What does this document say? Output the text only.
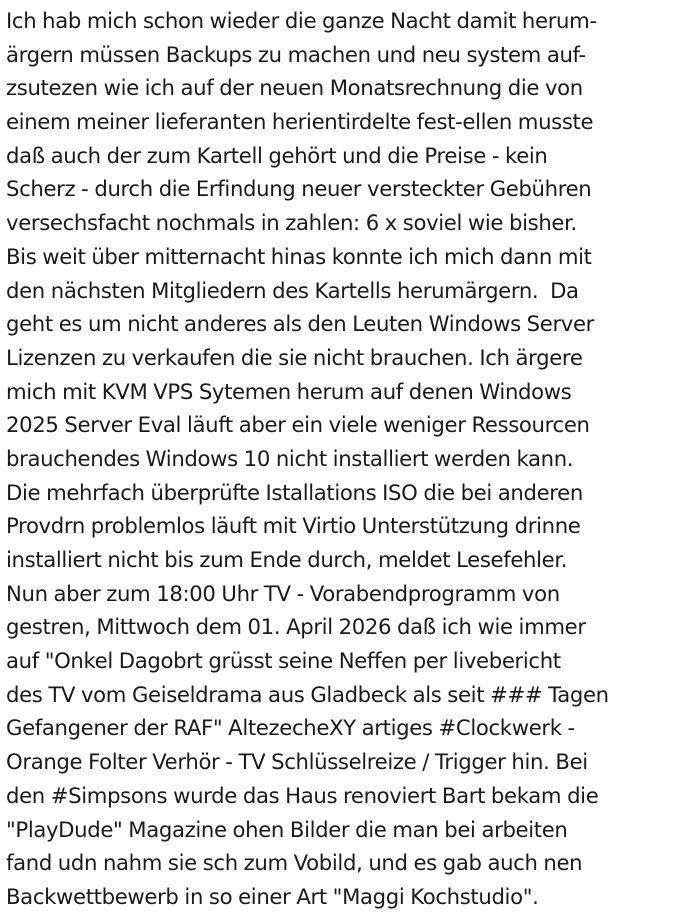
Ich hab mich schon wieder die ganze Nacht damit herum-
ärgern müssen Backups zu machen und neu system auf-
zsutezen wie ich auf der neuen Monatsrechnung die von
einem meiner lieferanten herientirdelte fest-ellen musste
daß auch der zum Kartell gehört und die Preise - kein
Scherz - durch die Erfindung neuer versteckter Gebühren
versechsfacht nochmals in zahlen: 6 x soviel wie bisher.
Bis weit über mitternacht hinas konnte ich mich dann mit
den nächsten Mitgliedern des Kartells herumärgern.  Da
geht es um nicht anderes als den Leuten Windows Server
Lizenzen zu verkaufen die sie nicht brauchen. Ich ärgere
mich mit KVM VPS Sytemen herum auf denen Windows
2025 Server Eval läuft aber ein viele weniger Ressourcen
brauchendes Windows 10 nicht installiert werden kann.
Die mehrfach überprüfte Istallations ISO die bei anderen
Provdrn problemlos läuft mit Virtio Unterstützung drinne
installiert nicht bis zum Ende durch, meldet Lesefehler.
Nun aber zum 18:00 Uhr TV - Vorabendprogramm von
gestren, Mittwoch dem 01. April 2026 daß ich wie immer
auf "Onkel Dagobrt grüsst seine Neffen per livebericht
des TV vom Geiseldrama aus Gladbeck als seit ### Tagen
Gefangener der RAF" AltezecheXY artiges #Clockwerk -
Orange Folter Verhör - TV Schlüsselreize / Trigger hin. Bei
den #Simpsons wurde das Haus renoviert Bart bekam die
"PlayDude" Magazine ohen Bilder die man bei arbeiten
fand udn nahm sie sch zum Vobild, und es gab auch nen
Backwettbewerb in so einer Art "Maggi Kochstudio".
